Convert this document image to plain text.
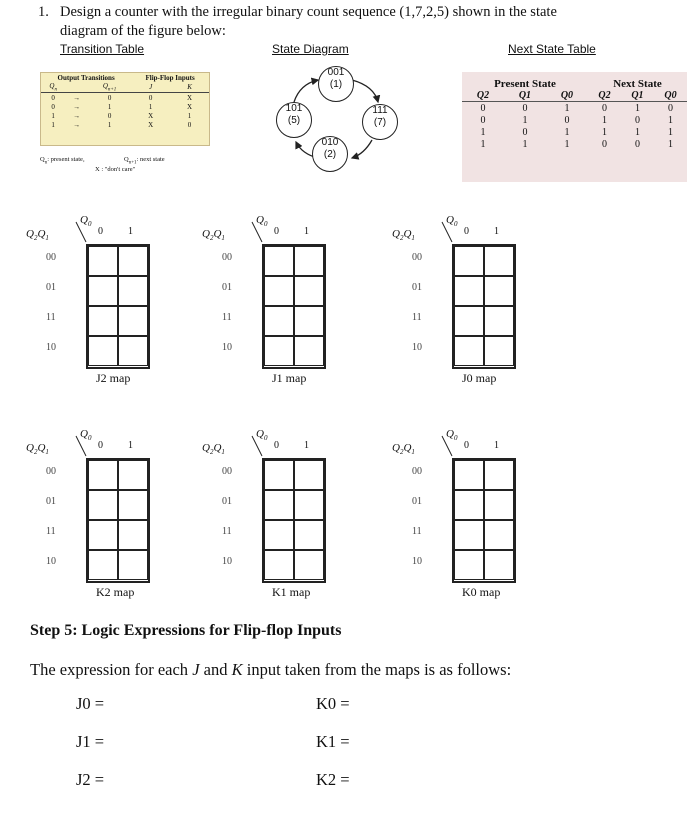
1. Design a counter with the irregular binary count sequence (1,7,2,5) shown in the state
diagram of the figure below:
Transition Table	State Diagram	Next State Table
Output Transitions			Flip-Flop Inputs	
$Q_n$		$Q_{n+1}$	J	K
0	→	0	0	X
0	→	1	1	X
1	→	0	X	1
1	→	1	X	0
$Q_n$: present state,	$Q_{n+1}$: next state
X : "don't care"
001
(1)
111
(7)
010
(2)
101
(5)
Present State			Next State		
Q2	Q1	Q0	Q2	Q1	Q0
0	0	1	0	1	0
0	1	0	1	0	1
1	0	1	1	1	1
1	1	1	0	0	1
$Q_2Q_1$
$Q_0$
0	1
00
01
11
10
J2 map
$Q_2Q_1$
$Q_0$
0	1
00
01
11
10
J1 map
$Q_2Q_1$
$Q_0$
0	1
00
01
11
10
J0 map
$Q_2Q_1$
$Q_0$
0	1
00
01
11
10
K2 map
$Q_2Q_1$
$Q_0$
0	1
00
01
11
10
K1 map
$Q_2Q_1$
$Q_0$
0	1
00
01
11
10
K0 map
Step 5: Logic Expressions for Flip-flop Inputs
The expression for each J and K input taken from the maps is as follows:
J0 =
J1 =
J2 =
K0 =
K1 =
K2 =
